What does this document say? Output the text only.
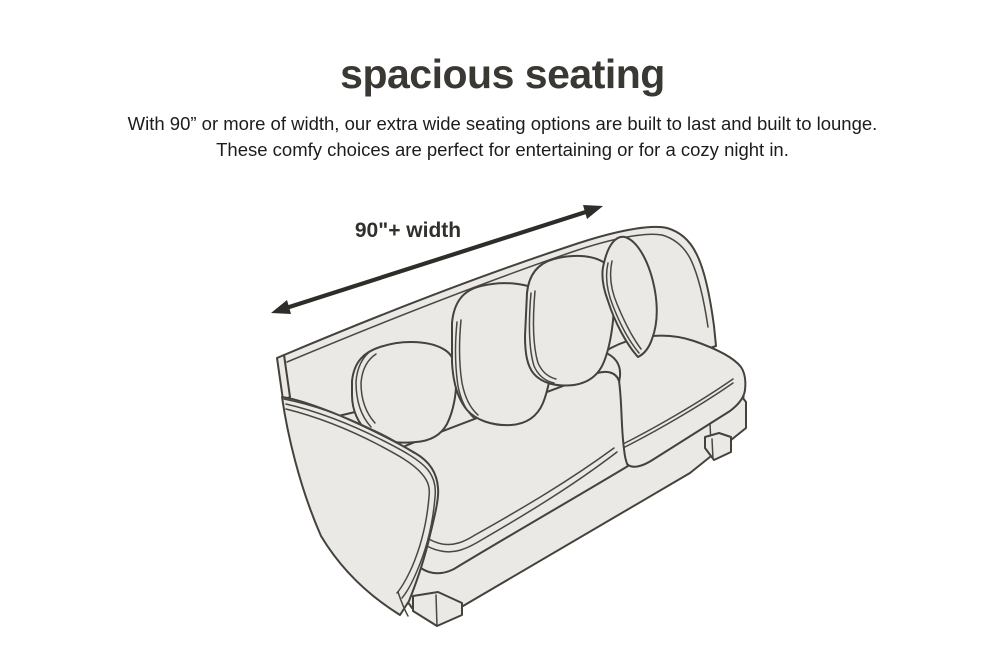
spacious seating

With 90” or more of width, our extra wide seating options are built to last and built to lounge.

These comfy choices are perfect for entertaining or for a cozy night in.

90"+ width
